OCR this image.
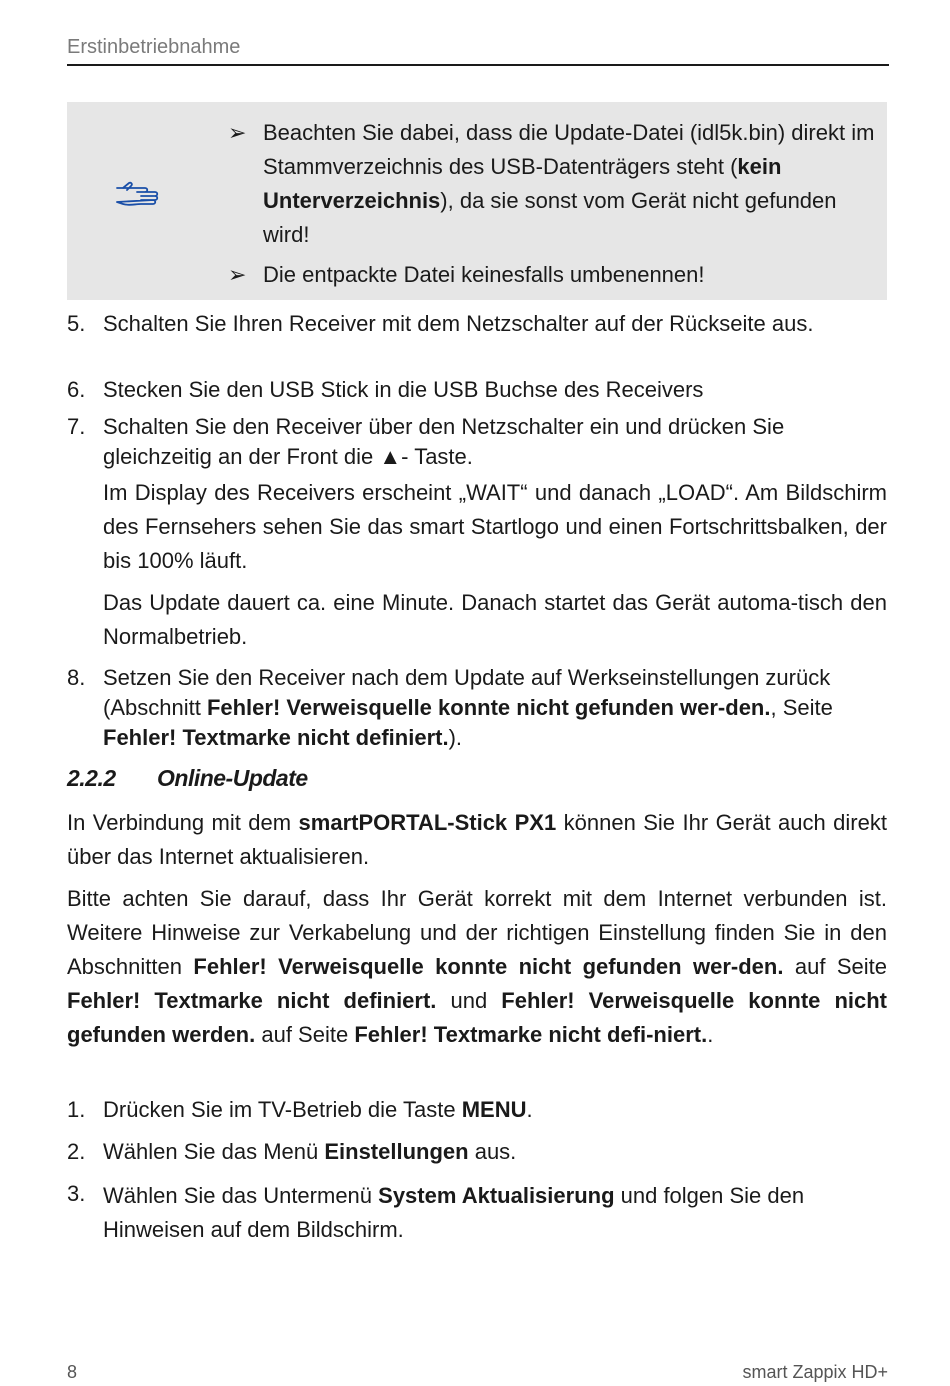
Erstinbetriebnahme
➢ Beachten Sie dabei, dass die Update-Datei (idl5k.bin) direkt im Stammverzeichnis des USB-Datenträgers steht (kein Unterverzeichnis), da sie sonst vom Gerät nicht gefunden wird!
➢ Die entpackte Datei keinesfalls umbenennen!
5. Schalten Sie Ihren Receiver mit dem Netzschalter auf der Rückseite aus.
6. Stecken Sie den USB Stick in die USB Buchse des Receivers
7. Schalten Sie den Receiver über den Netzschalter ein und drücken Sie gleichzeitig an der Front die ▲- Taste.
Im Display des Receivers erscheint „WAIT“ und danach „LOAD“. Am Bildschirm des Fernsehers sehen Sie das smart Startlogo und einen Fortschrittsbalken, der bis 100% läuft.
Das Update dauert ca. eine Minute. Danach startet das Gerät automa-tisch den Normalbetrieb.
8. Setzen Sie den Receiver nach dem Update auf Werkseinstellungen zurück (Abschnitt Fehler! Verweisquelle konnte nicht gefunden wer-den., Seite Fehler! Textmarke nicht definiert.).
2.2.2 Online-Update
In Verbindung mit dem smartPORTAL-Stick PX1 können Sie Ihr Gerät auch direkt über das Internet aktualisieren.
Bitte achten Sie darauf, dass Ihr Gerät korrekt mit dem Internet verbunden ist. Weitere Hinweise zur Verkabelung und der richtigen Einstellung finden Sie in den Abschnitten Fehler! Verweisquelle konnte nicht gefunden wer-den. auf Seite Fehler! Textmarke nicht definiert. und Fehler! Verweisquelle konnte nicht gefunden werden. auf Seite Fehler! Textmarke nicht defi-niert..
1. Drücken Sie im TV-Betrieb die Taste MENU.
2. Wählen Sie das Menü Einstellungen aus.
3. Wählen Sie das Untermenü System Aktualisierung und folgen Sie den Hinweisen auf dem Bildschirm.
8	smart Zappix HD+
